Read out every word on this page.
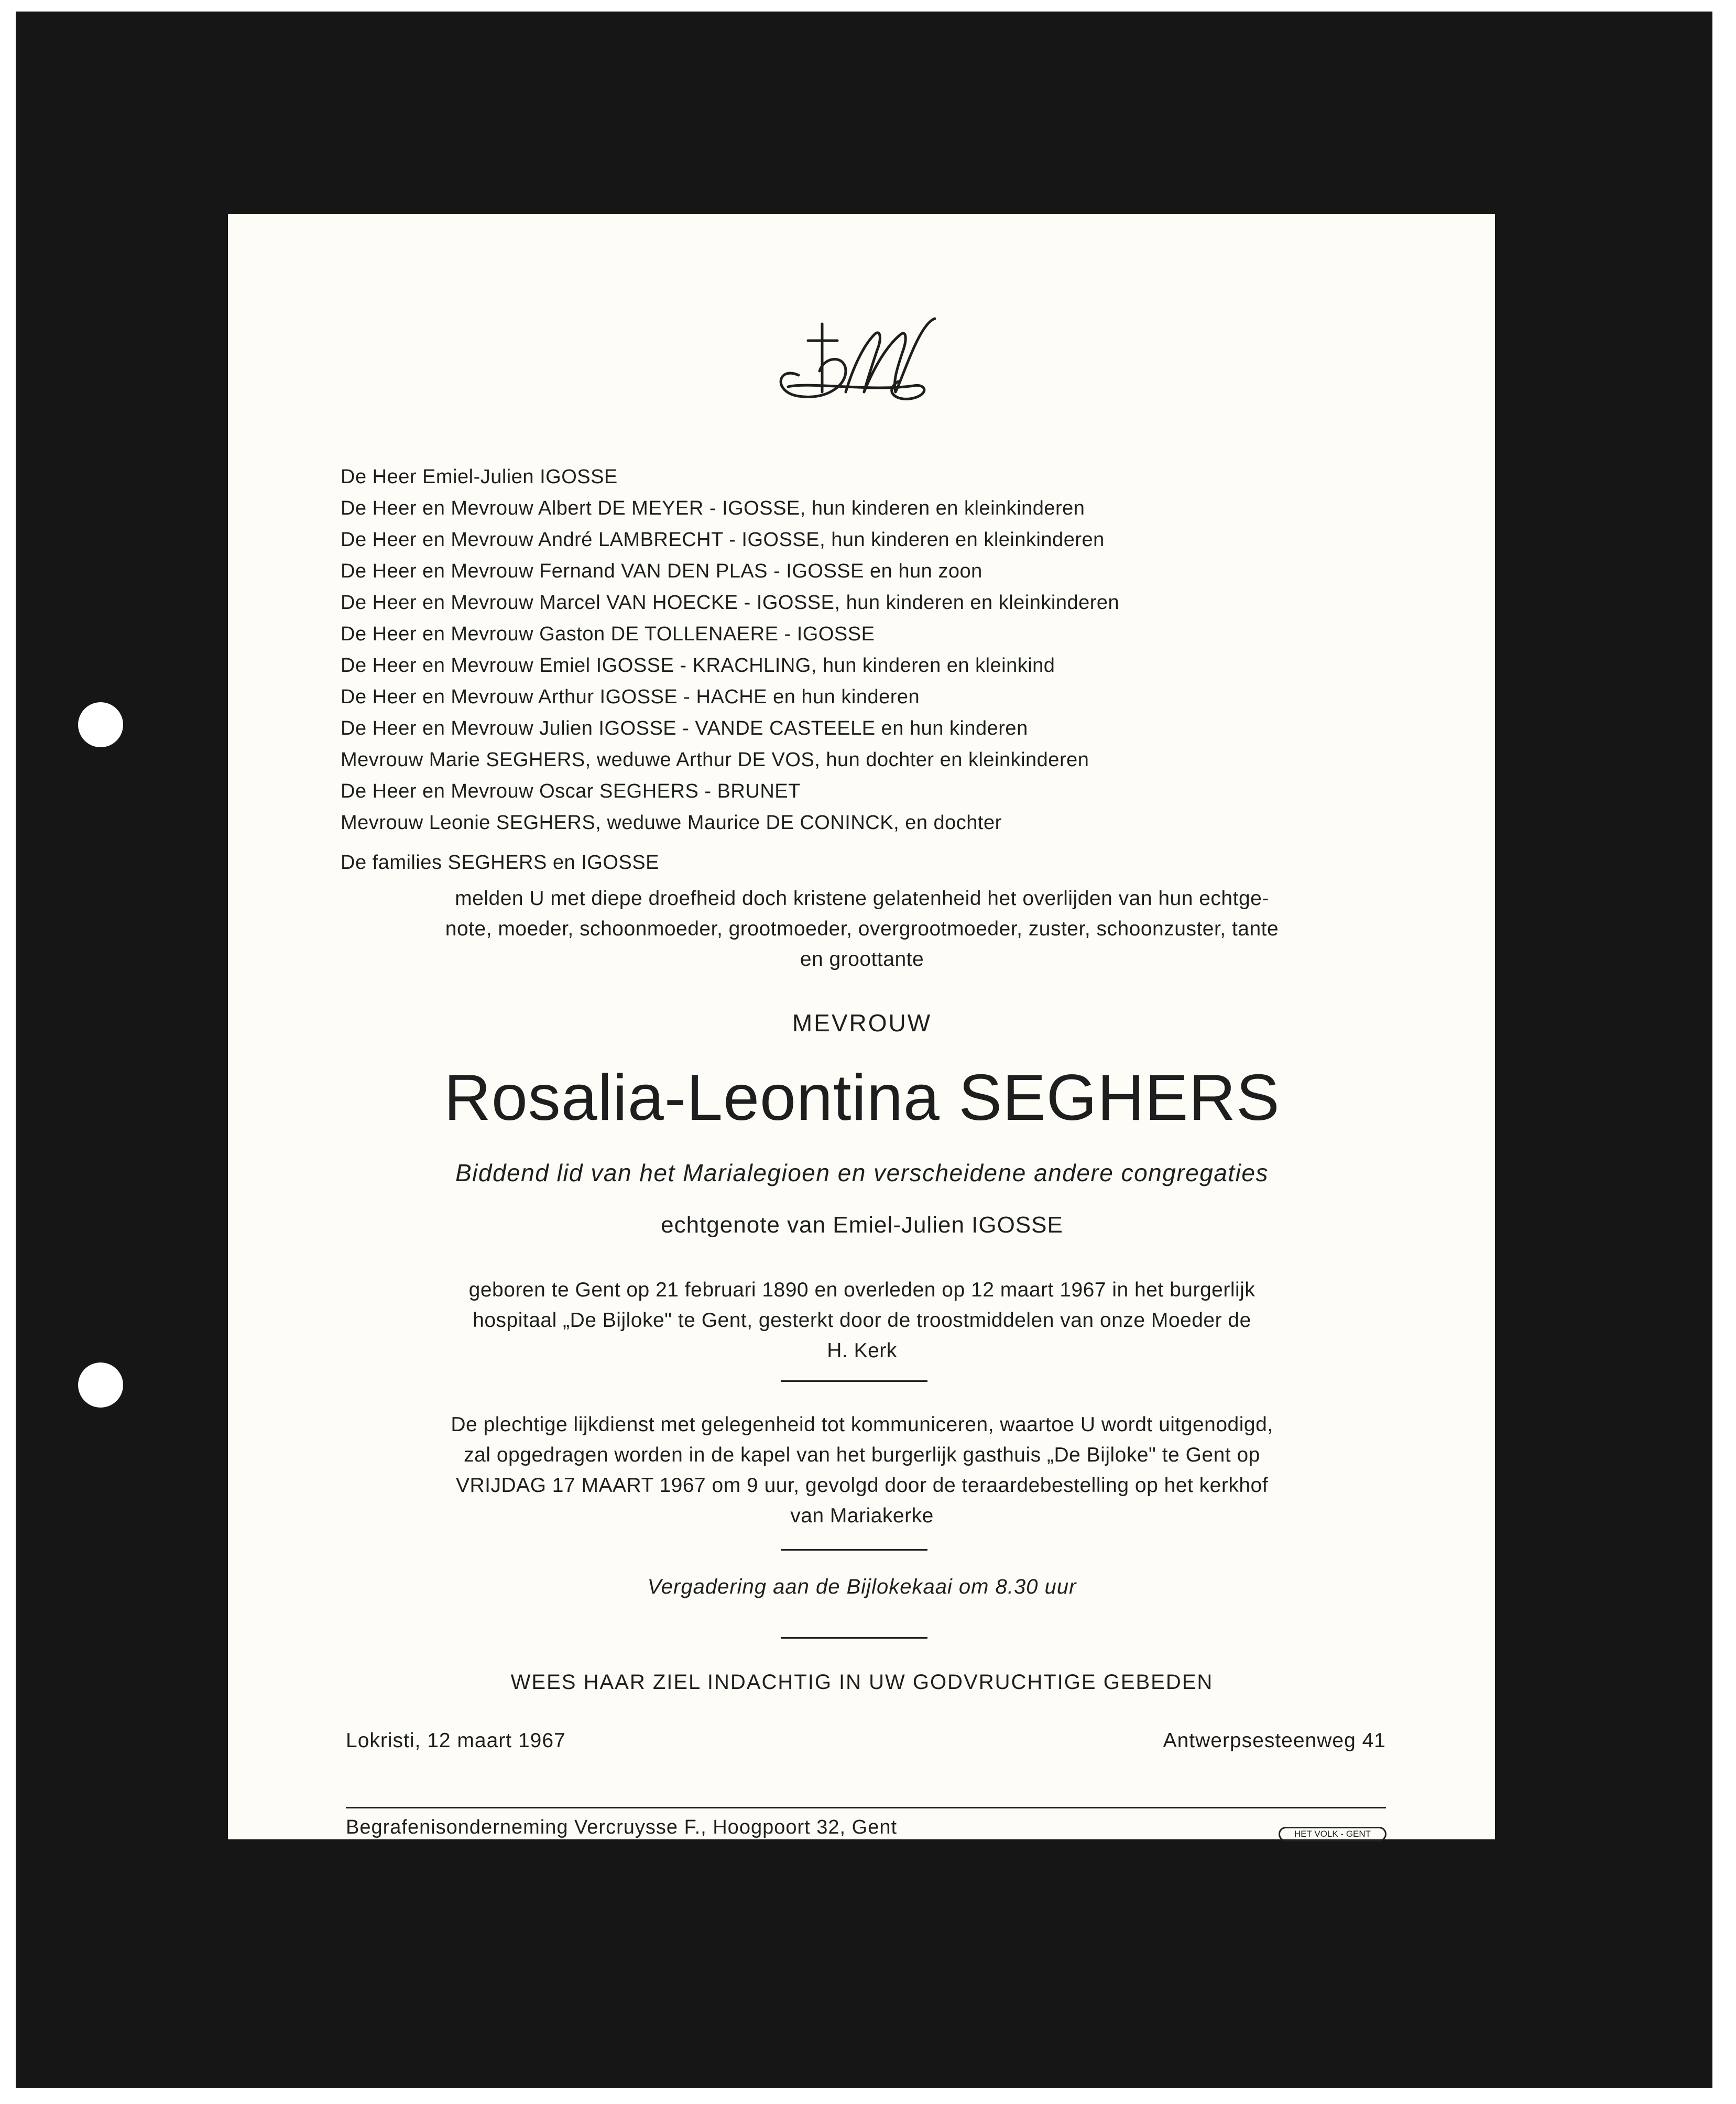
De Heer Emiel-Julien IGOSSE
De Heer en Mevrouw Albert DE MEYER - IGOSSE, hun kinderen en kleinkinderen
De Heer en Mevrouw André LAMBRECHT - IGOSSE, hun kinderen en kleinkinderen
De Heer en Mevrouw Fernand VAN DEN PLAS - IGOSSE en hun zoon
De Heer en Mevrouw Marcel VAN HOECKE - IGOSSE, hun kinderen en kleinkinderen
De Heer en Mevrouw Gaston DE TOLLENAERE - IGOSSE
De Heer en Mevrouw Emiel IGOSSE - KRACHLING, hun kinderen en kleinkind
De Heer en Mevrouw Arthur IGOSSE - HACHE en hun kinderen
De Heer en Mevrouw Julien IGOSSE - VANDE CASTEELE en hun kinderen
Mevrouw Marie SEGHERS, weduwe Arthur DE VOS, hun dochter en kleinkinderen
De Heer en Mevrouw Oscar SEGHERS - BRUNET
Mevrouw Leonie SEGHERS, weduwe Maurice DE CONINCK, en dochter
De families SEGHERS en IGOSSE
melden U met diepe droefheid doch kristene gelatenheid het overlijden van hun echtge-
note, moeder, schoonmoeder, grootmoeder, overgrootmoeder, zuster, schoonzuster, tante
en groottante
MEVROUW
Rosalia-Leontina SEGHERS
Biddend lid van het Marialegioen en verscheidene andere congregaties
echtgenote van Emiel-Julien IGOSSE
geboren te Gent op 21 februari 1890 en overleden op 12 maart 1967 in het burgerlijk
hospitaal „De Bijloke" te Gent, gesterkt door de troostmiddelen van onze Moeder de
H. Kerk
De plechtige lijkdienst met gelegenheid tot kommuniceren, waartoe U wordt uitgenodigd,
zal opgedragen worden in de kapel van het burgerlijk gasthuis „De Bijloke" te Gent op
VRIJDAG 17 MAART 1967 om 9 uur, gevolgd door de teraardebestelling op het kerkhof
van Mariakerke
Vergadering aan de Bijlokekaai om 8.30 uur
WEES HAAR ZIEL INDACHTIG IN UW GODVRUCHTIGE GEBEDEN
Lokristi, 12 maart 1967	Antwerpsesteenweg 41
Begrafenisonderneming Vercruysse F., Hoogpoort 32, Gent	HET VOLK - GENT
